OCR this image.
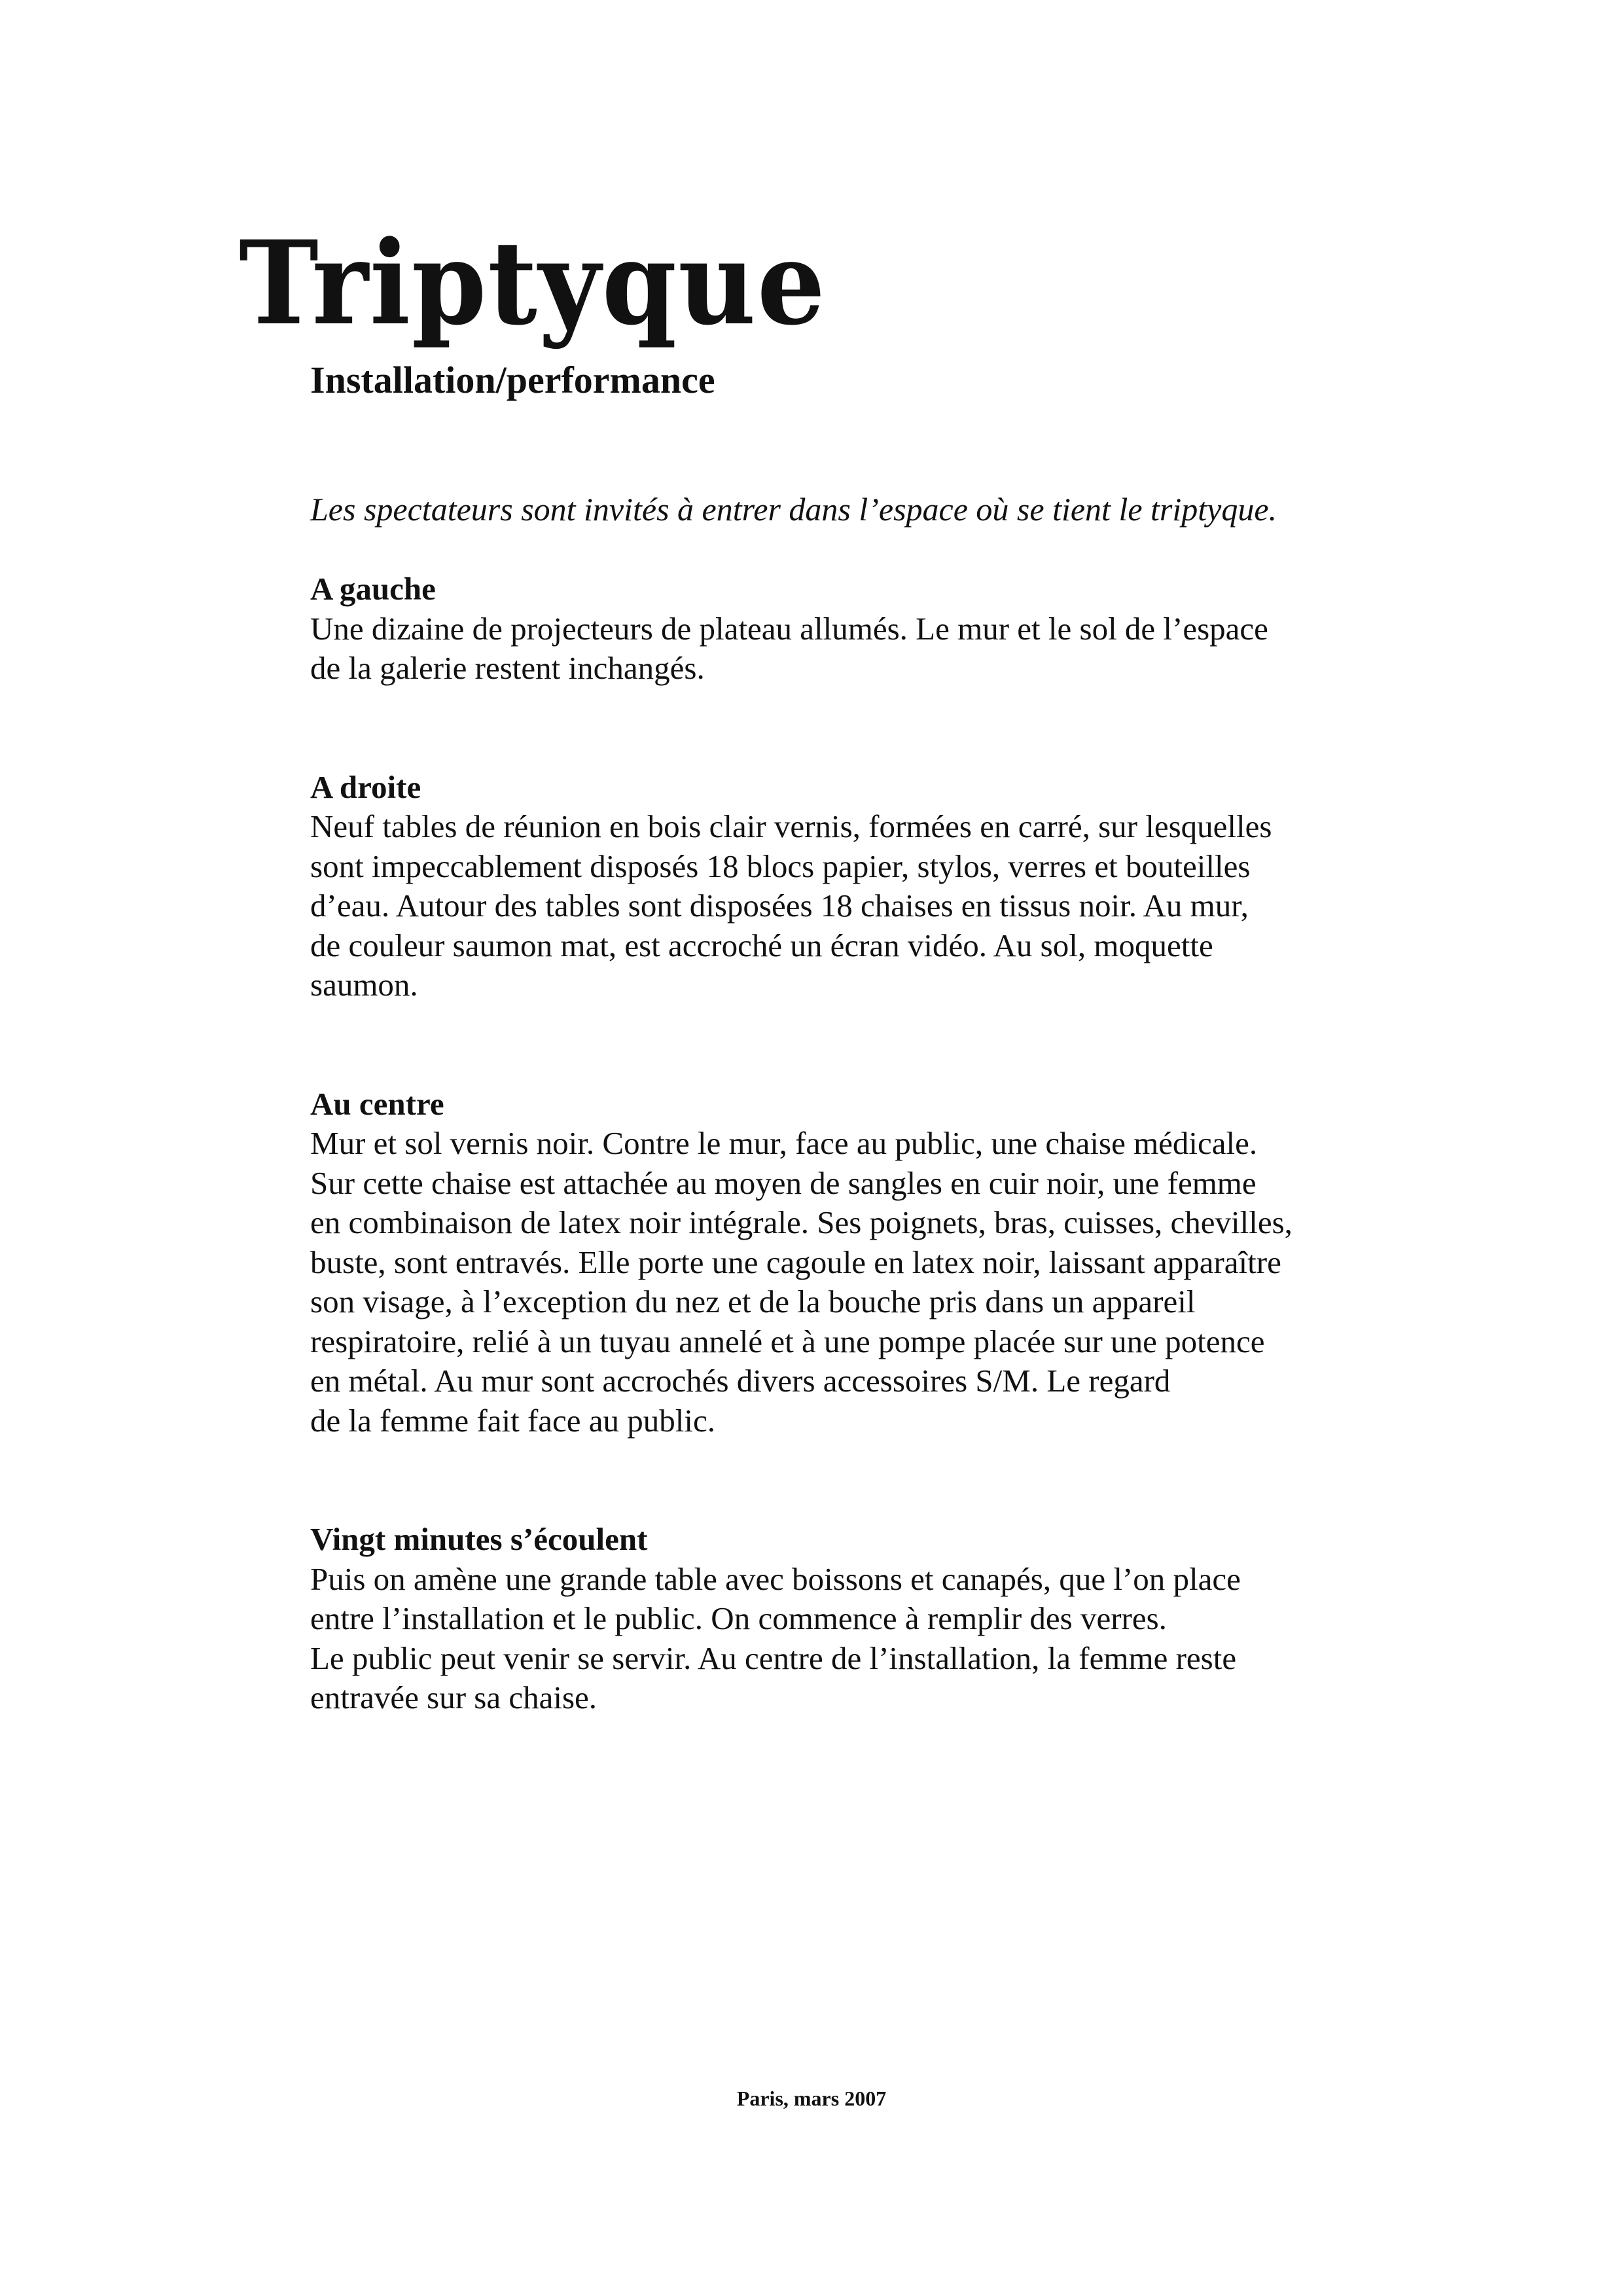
Triptyque
Installation/performance
Les spectateurs sont invités à entrer dans l’espace où se tient le triptyque.
A gauche
Une dizaine de projecteurs de plateau allumés. Le mur et le sol de l’espace
de la galerie restent inchangés.
A droite
Neuf tables de réunion en bois clair vernis, formées en carré, sur lesquelles
sont impeccablement disposés 18 blocs papier, stylos, verres et bouteilles
d’eau. Autour des tables sont disposées 18 chaises en tissus noir. Au mur,
de couleur saumon mat, est accroché un écran vidéo. Au sol, moquette
saumon.
Au centre
Mur et sol vernis noir. Contre le mur, face au public, une chaise médicale.
Sur cette chaise est attachée au moyen de sangles en cuir noir, une femme
en combinaison de latex noir intégrale. Ses poignets, bras, cuisses, chevilles,
buste, sont entravés. Elle porte une cagoule en latex noir, laissant apparaître
son visage, à l’exception du nez et de la bouche pris dans un appareil
respiratoire, relié à un tuyau annelé et à une pompe placée sur une potence
en métal. Au mur sont accrochés divers accessoires S/M. Le regard
de la femme fait face au public.
Vingt minutes s’écoulent
Puis on amène une grande table avec boissons et canapés, que l’on place
entre l’installation et le public. On commence à remplir des verres.
Le public peut venir se servir. Au centre de l’installation, la femme reste
entravée sur sa chaise.
Paris, mars 2007
